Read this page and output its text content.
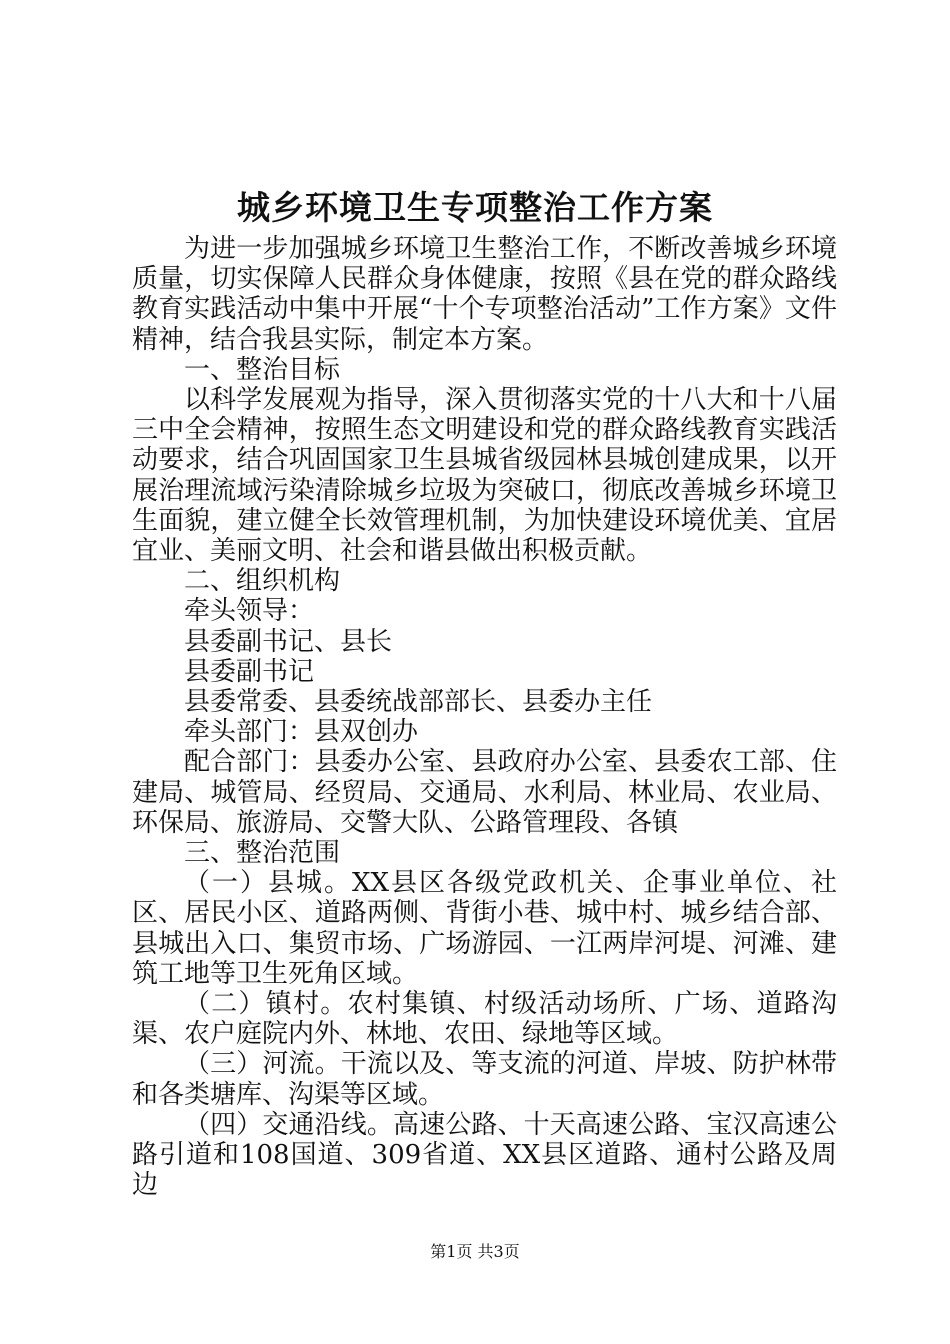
城乡环境卫生专项整治工作方案

为进一步加强城乡环境卫生整治工作，不断改善城乡环境质量，切实保障人民群众身体健康，按照《县在党的群众路线教育实践活动中集中开展“十个专项整治活动”工作方案》文件精神，结合我县实际，制定本方案。

一、整治目标

以科学发展观为指导，深入贯彻落实党的十八大和十八届三中全会精神，按照生态文明建设和党的群众路线教育实践活动要求，结合巩固国家卫生县城省级园林县城创建成果，以开展治理流域污染清除城乡垃圾为突破口，彻底改善城乡环境卫生面貌，建立健全长效管理机制，为加快建设环境优美、宜居宜业、美丽文明、社会和谐县做出积极贡献。

二、组织机构

牵头领导：

县委副书记、县长

县委副书记

县委常委、县委统战部部长、县委办主任

牵头部门：县双创办

配合部门：县委办公室、县政府办公室、县委农工部、住建局、城管局、经贸局、交通局、水利局、林业局、农业局、环保局、旅游局、交警大队、公路管理段、各镇

三、整治范围

（一）县城。XX县区各级党政机关、企事业单位、社区、居民小区、道路两侧、背街小巷、城中村、城乡结合部、县城出入口、集贸市场、广场游园、一江两岸河堤、河滩、建筑工地等卫生死角区域。

（二）镇村。农村集镇、村级活动场所、广场、道路沟渠、农户庭院内外、林地、农田、绿地等区域。

（三）河流。干流以及、等支流的河道、岸坡、防护林带和各类塘库、沟渠等区域。

（四）交通沿线。高速公路、十天高速公路、宝汉高速公路引道和108国道、309省道、XX县区道路、通村公路及周边

第1页 共3页
